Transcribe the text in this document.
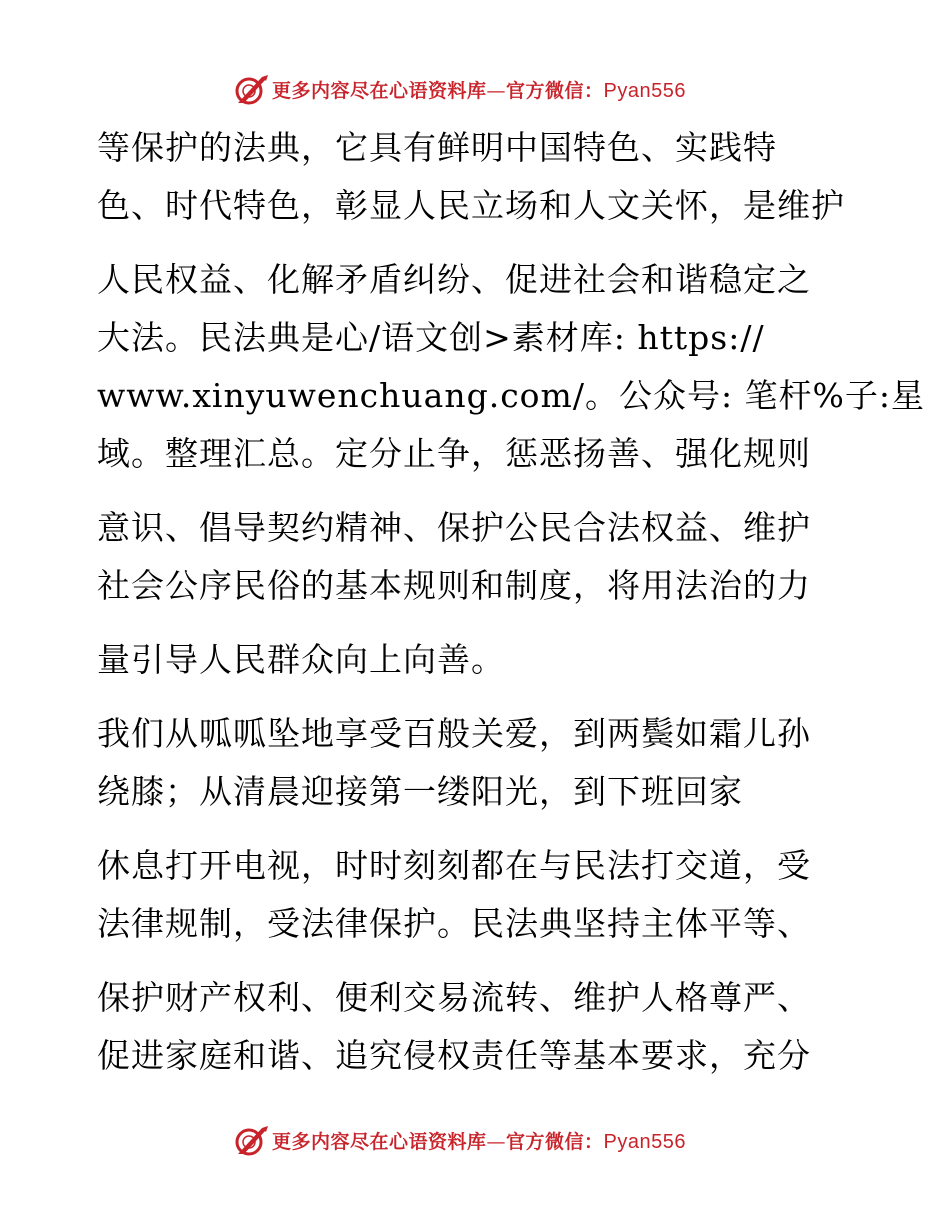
更多内容尽在心语资料库—官方微信：Pyan556
等保护的法典，它具有鲜明中国特色、实践特
色、时代特色，彰显人民立场和人文关怀，是维护
人民权益、化解矛盾纠纷、促进社会和谐稳定之
大法。民法典是心/语文创>素材库: https://
www.xinyuwenchuang.com/。公众号: 笔杆%子:星
域。整理汇总。定分止争，惩恶扬善、强化规则
意识、倡导契约精神、保护公民合法权益、维护
社会公序民俗的基本规则和制度，将用法治的力
量引导人民群众向上向善。
我们从呱呱坠地享受百般关爱，到两鬓如霜儿孙
绕膝；从清晨迎接第一缕阳光，到下班回家
休息打开电视，时时刻刻都在与民法打交道，受
法律规制，受法律保护。民法典坚持主体平等、
保护财产权利、便利交易流转、维护人格尊严、
促进家庭和谐、追究侵权责任等基本要求，充分
更多内容尽在心语资料库—官方微信：Pyan556
